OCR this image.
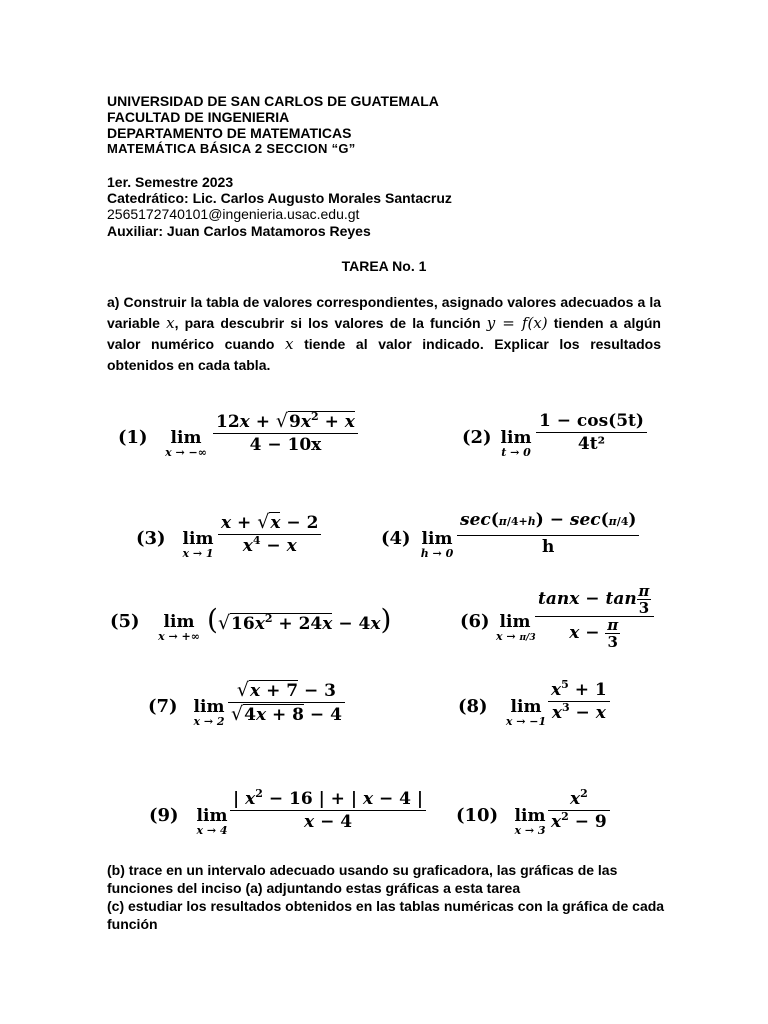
UNIVERSIDAD DE SAN CARLOS DE GUATEMALA
FACULTAD DE INGENIERIA
DEPARTAMENTO DE MATEMATICAS
MATEMÁTICA BÁSICA 2 SECCION “G”
1er. Semestre 2023
Catedrático: Lic. Carlos Augusto Morales Santacruz
2565172740101@ingenieria.usac.edu.gt
Auxiliar: Juan Carlos Matamoros Reyes
TAREA No. 1
a) Construir la tabla de valores correspondientes, asignado valores adecuados a la variable x, para descubrir si los valores de la función y = f(x) tienden a algún valor numérico cuando x tiende al valor indicado. Explicar los resultados obtenidos en cada tabla.
(1)	lim
x → −∞
$12x + √9x^2 + x$
4 − 10x	(2) lim
t → 0
1 − cos(5t)
4t²
(3) lim
x → 1
x + √x − 2
$x^4 - x$	(4) lim
h → 0
sec(π/4+h) − sec(π/4)
h
(5)	lim
x → +∞
$(√16x^2 + 24x - 4x)$	(6) lim
x → π/3
$\tan x - \tan \frac{\pi}{3}$
$x - \frac{\pi}{3}$
(7) lim
x → 2
√x + 7 − 3
√4x + 8 − 4	(8)	lim
x → −1
$x^5 + 1$
$x^3 - x$
(9) lim
x → 4
| $x^2 - 16$ | + | x − 4 |
x − 4	(10) lim
x → 3
$x^2$
$x^2 - 9$
(b) trace en un intervalo adecuado usando su graficadora, las gráficas de las funciones del inciso (a) adjuntando estas gráficas a esta tarea
(c) estudiar los resultados obtenidos en las tablas numéricas con la gráfica de cada función
